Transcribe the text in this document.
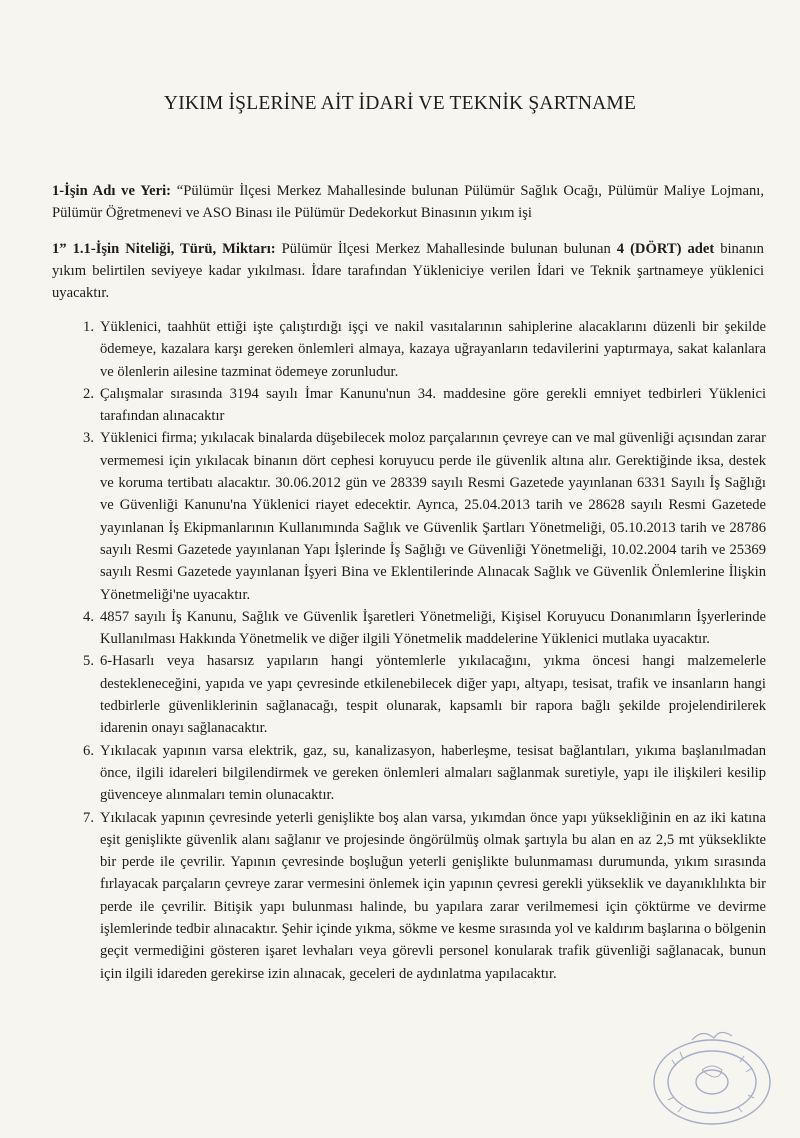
YIKIM İŞLERİNE AİT İDARİ VE TEKNİK ŞARTNAME
1-İşin Adı ve Yeri: “Pülümür İlçesi Merkez Mahallesinde bulunan Pülümür Sağlık Ocağı, Pülümür Maliye Lojmanı, Pülümür Öğretmenevi ve ASO Binası ile Pülümür Dedekorkut Binasının yıkım işi
1” 1.1-İşin Niteliği, Türü, Miktarı: Pülümür İlçesi Merkez Mahallesinde bulunan bulunan 4 (DÖRT) adet binanın yıkım belirtilen seviyeye kadar yıkılması. İdare tarafından Yükleniciye verilen İdari ve Teknik şartnameye yüklenici uyacaktır.
1. Yüklenici, taahhüt ettiği işte çalıştırdığı işçi ve nakil vasıtalarının sahiplerine alacaklarını düzenli bir şekilde ödemeye, kazalara karşı gereken önlemleri almaya, kazaya uğrayanların tedavilerini yaptırmaya, sakat kalanlara ve ölenlerin ailesine tazminat ödemeye zorunludur.
2. Çalışmalar sırasında 3194 sayılı İmar Kanunu'nun 34. maddesine göre gerekli emniyet tedbirleri Yüklenici tarafından alınacaktır
3. Yüklenici firma; yıkılacak binalarda düşebilecek moloz parçalarının çevreye can ve mal güvenliği açısından zarar vermemesi için yıkılacak binanın dört cephesi koruyucu perde ile güvenlik altına alır. Gerektiğinde iksa, destek ve koruma tertibatı alacaktır. 30.06.2012 gün ve 28339 sayılı Resmi Gazetede yayınlanan 6331 Sayılı İş Sağlığı ve Güvenliği Kanunu'na Yüklenici riayet edecektir. Ayrıca, 25.04.2013 tarih ve 28628 sayılı Resmi Gazetede yayınlanan İş Ekipmanlarının Kullanımında Sağlık ve Güvenlik Şartları Yönetmeliği, 05.10.2013 tarih ve 28786 sayılı Resmi Gazetede yayınlanan Yapı İşlerinde İş Sağlığı ve Güvenliği Yönetmeliği, 10.02.2004 tarih ve 25369 sayılı Resmi Gazetede yayınlanan İşyeri Bina ve Eklentilerinde Alınacak Sağlık ve Güvenlik Önlemlerine İlişkin Yönetmeliği'ne uyacaktır.
4. 4857 sayılı İş Kanunu, Sağlık ve Güvenlik İşaretleri Yönetmeliği, Kişisel Koruyucu Donanımların İşyerlerinde Kullanılması Hakkında Yönetmelik ve diğer ilgili Yönetmelik maddelerine Yüklenici mutlaka uyacaktır.
5. 6-Hasarlı veya hasarsız yapıların hangi yöntemlerle yıkılacağını, yıkma öncesi hangi malzemelerle destekleneceğini, yapıda ve yapı çevresinde etkilenebilecek diğer yapı, altyapı, tesisat, trafik ve insanların hangi tedbirlerle güvenliklerinin sağlanacağı, tespit olunarak, kapsamlı bir rapora bağlı şekilde projelendirilerek idarenin onayı sağlanacaktır.
6. Yıkılacak yapının varsa elektrik, gaz, su, kanalizasyon, haberleşme, tesisat bağlantıları, yıkıma başlanılmadan önce, ilgili idareleri bilgilendirmek ve gereken önlemleri almaları sağlanmak suretiyle, yapı ile ilişkileri kesilip güvenceye alınmaları temin olunacaktır.
7. Yıkılacak yapının çevresinde yeterli genişlikte boş alan varsa, yıkımdan önce yapı yüksekliğinin en az iki katına eşit genişlikte güvenlik alanı sağlanır ve projesinde öngörülmüş olmak şartıyla bu alan en az 2,5 mt yükseklikte bir perde ile çevrilir. Yapının çevresinde boşluğun yeterli genişlikte bulunmaması durumunda, yıkım sırasında fırlayacak parçaların çevreye zarar vermesini önlemek için yapının çevresi gerekli yükseklik ve dayanıklılıkta bir perde ile çevrilir. Bitişik yapı bulunması halinde, bu yapılara zarar verilmemesi için çöktürme ve devirme işlemlerinde tedbir alınacaktır. Şehir içinde yıkma, sökme ve kesme sırasında yol ve kaldırım başlarına o bölgenin geçit vermediğini gösteren işaret levhaları veya görevli personel konularak trafik güvenliği sağlanacak, bunun için ilgili idareden gerekirse izin alınacak, geceleri de aydınlatma yapılacaktır.
